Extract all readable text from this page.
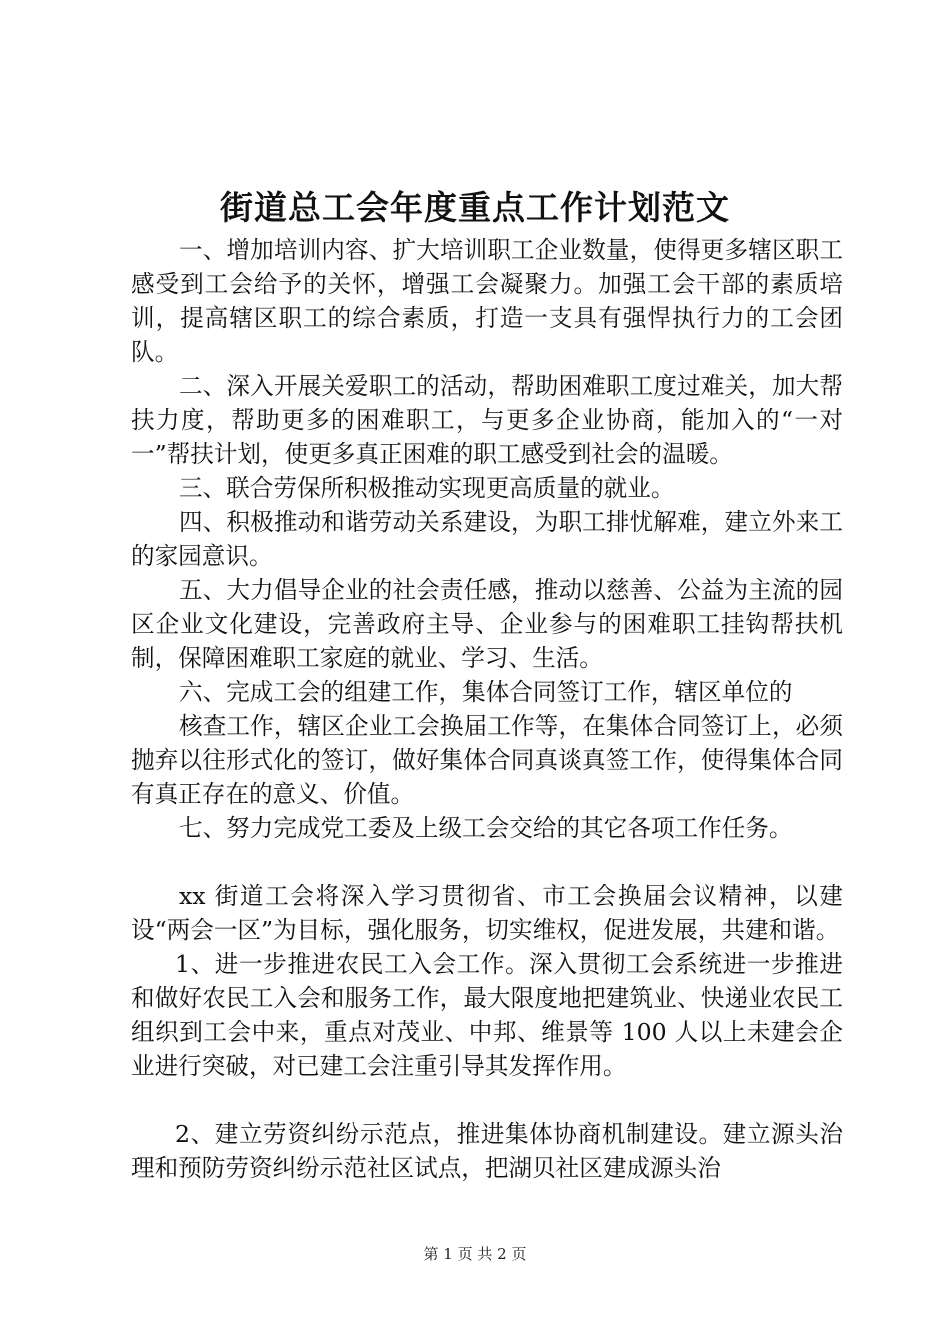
街道总工会年度重点工作计划范文

一、增加培训内容、扩大培训职工企业数量，使得更多辖区职工感受到工会给予的关怀，增强工会凝聚力。加强工会干部的素质培训，提高辖区职工的综合素质，打造一支具有强悍执行力的工会团队。

二、深入开展关爱职工的活动，帮助困难职工度过难关，加大帮扶力度，帮助更多的困难职工，与更多企业协商，能加入的“一对一”帮扶计划，使更多真正困难的职工感受到社会的温暖。

三、联合劳保所积极推动实现更高质量的就业。

四、积极推动和谐劳动关系建设，为职工排忧解难，建立外来工的家园意识。

五、大力倡导企业的社会责任感，推动以慈善、公益为主流的园区企业文化建设，完善政府主导、企业参与的困难职工挂钩帮扶机制，保障困难职工家庭的就业、学习、生活。

六、完成工会的组建工作，集体合同签订工作，辖区单位的

核查工作，辖区企业工会换届工作等，在集体合同签订上，必须抛弃以往形式化的签订，做好集体合同真谈真签工作，使得集体合同有真正存在的意义、价值。

七、努力完成党工委及上级工会交给的其它各项工作任务。

xx 街道工会将深入学习贯彻省、市工会换届会议精神，以建设“两会一区”为目标，强化服务，切实维权，促进发展，共建和谐。

1、进一步推进农民工入会工作。深入贯彻工会系统进一步推进和做好农民工入会和服务工作，最大限度地把建筑业、快递业农民工组织到工会中来，重点对茂业、中邦、维景等 100 人以上未建会企业进行突破，对已建工会注重引导其发挥作用。

2、建立劳资纠纷示范点，推进集体协商机制建设。建立源头治理和预防劳资纠纷示范社区试点，把湖贝社区建成源头治

第 1 页 共 2 页
